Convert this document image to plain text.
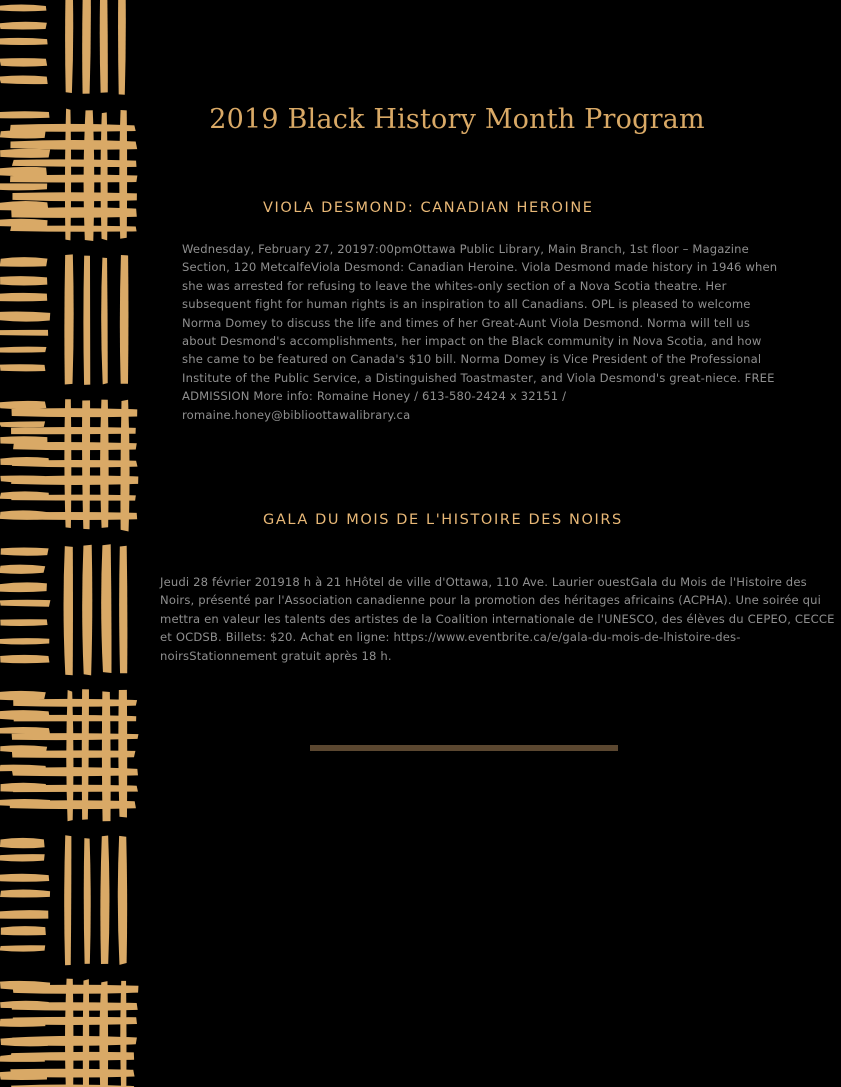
2019 Black History Month Program
VIOLA DESMOND: CANADIAN HEROINE
Wednesday, February 27, 20197:00pmOttawa Public Library, Main Branch, 1st floor – Magazine Section, 120 MetcalfeViola Desmond: Canadian Heroine. Viola Desmond made history in 1946 when she was arrested for refusing to leave the whites-only section of a Nova Scotia theatre. Her subsequent fight for human rights is an inspiration to all Canadians. OPL is pleased to welcome Norma Domey to discuss the life and times of her Great-Aunt Viola Desmond. Norma will tell us about Desmond's accomplishments, her impact on the Black community in Nova Scotia, and how she came to be featured on Canada's $10 bill. Norma Domey is Vice President of the Professional Institute of the Public Service, a Distinguished Toastmaster, and Viola Desmond's great-niece. FREE ADMISSION More info: Romaine Honey / 613-580-2424 x 32151 / romaine.honey@biblioottawalibrary.ca
GALA DU MOIS DE L'HISTOIRE DES NOIRS
Jeudi 28 février 201918 h à 21 hHôtel de ville d'Ottawa, 110 Ave. Laurier ouestGala du Mois de l'Histoire des Noirs, présenté par l'Association canadienne pour la promotion des héritages africains (ACPHA). Une soirée qui mettra en valeur les talents des artistes de la Coalition internationale de l'UNESCO, des élèves du CEPEO, CECCE et OCDSB. Billets: $20. Achat en ligne: https://www.eventbrite.ca/e/gala-du-mois-de-lhistoire-des-noirsStationnement gratuit après 18 h.
